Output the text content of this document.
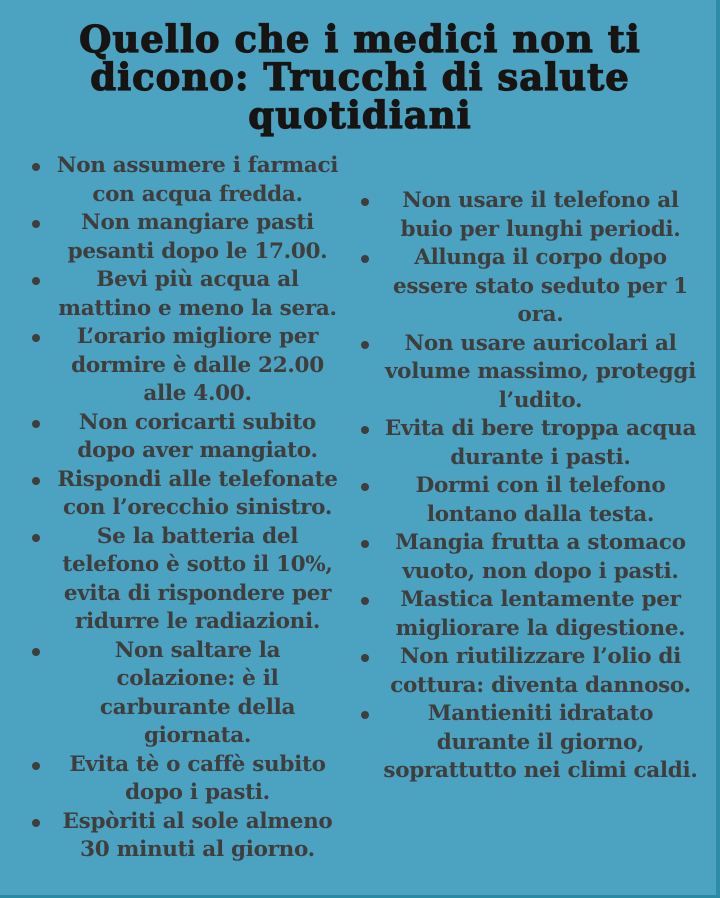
Quello che i medici non ti dicono: Trucchi di salute quotidiani
Non assumere i farmaci con acqua fredda.
Non mangiare pasti pesanti dopo le 17.00.
Bevi più acqua al mattino e meno la sera.
L’orario migliore per dormire è dalle 22.00 alle 4.00.
Non coricarti subito dopo aver mangiato.
Rispondi alle telefonate con l’orecchio sinistro.
Se la batteria del telefono è sotto il 10%, evita di rispondere per ridurre le radiazioni.
Non saltare la colazione: è il carburante della giornata.
Evita tè o caffè subito dopo i pasti.
Espòriti al sole almeno 30 minuti al giorno.
Non usare il telefono al buio per lunghi periodi.
Allunga il corpo dopo essere stato seduto per 1 ora.
Non usare auricolari al volume massimo, proteggi l’udito.
Evita di bere troppa acqua durante i pasti.
Dormi con il telefono lontano dalla testa.
Mangia frutta a stomaco vuoto, non dopo i pasti.
Mastica lentamente per migliorare la digestione.
Non riutilizzare l’olio di cottura: diventa dannoso.
Mantieniti idratato durante il giorno, soprattutto nei climi caldi.
